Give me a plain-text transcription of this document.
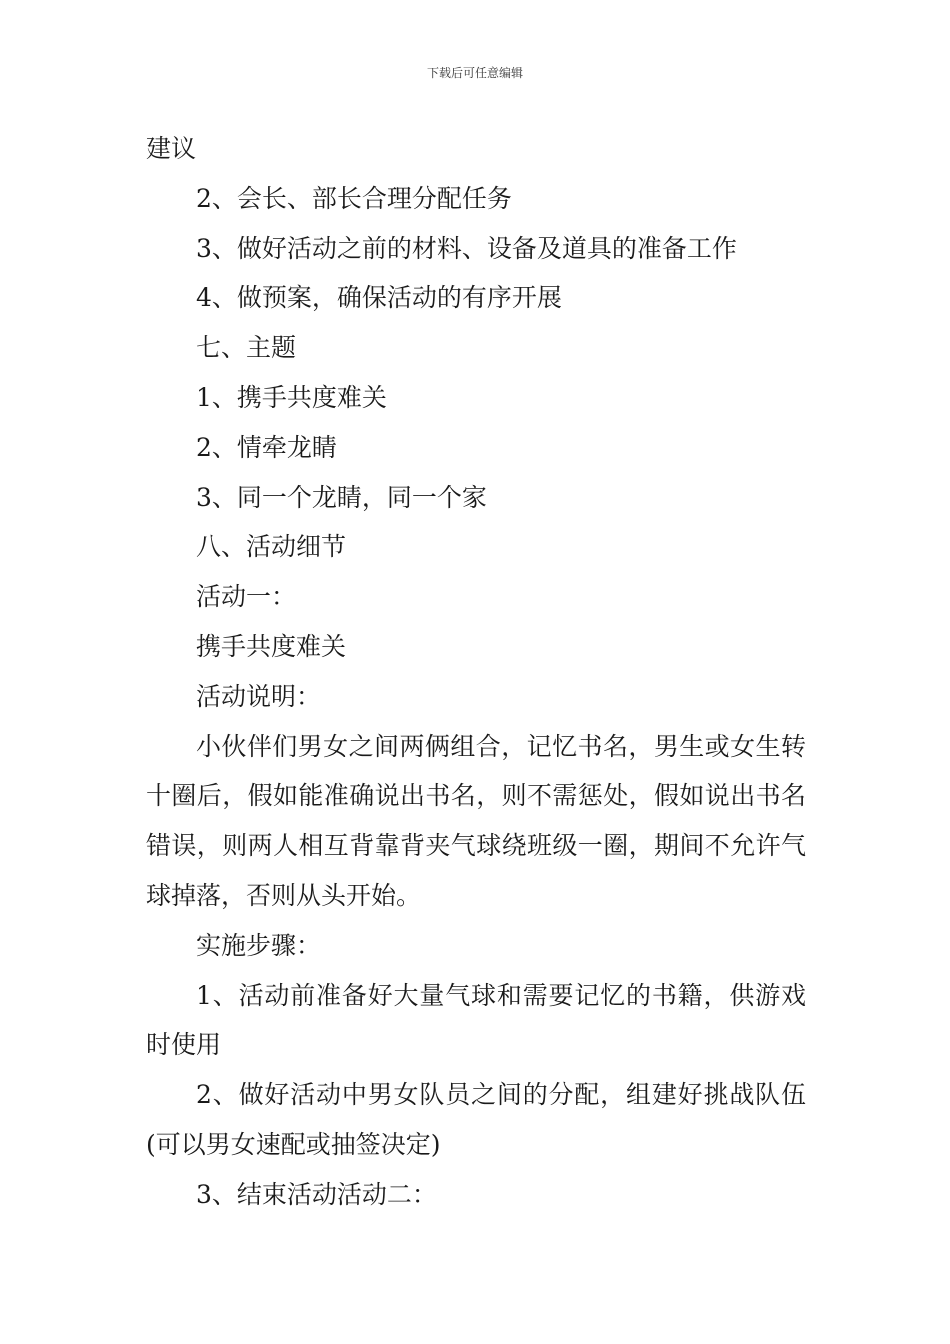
下载后可任意编辑

建议

2、会长、部长合理分配任务

3、做好活动之前的材料、设备及道具的准备工作

4、做预案，确保活动的有序开展

七、主题

1、携手共度难关

2、情牵龙睛

3、同一个龙睛，同一个家

八、活动细节

活动一：

携手共度难关

活动说明：

小伙伴们男女之间两俩组合，记忆书名，男生或女生转十圈后，假如能准确说出书名，则不需惩处，假如说出书名错误，则两人相互背靠背夹气球绕班级一圈，期间不允许气球掉落，否则从头开始。

实施步骤：

1、活动前准备好大量气球和需要记忆的书籍，供游戏时使用

2、做好活动中男女队员之间的分配，组建好挑战队伍(可以男女速配或抽签决定)

3、结束活动活动二：
